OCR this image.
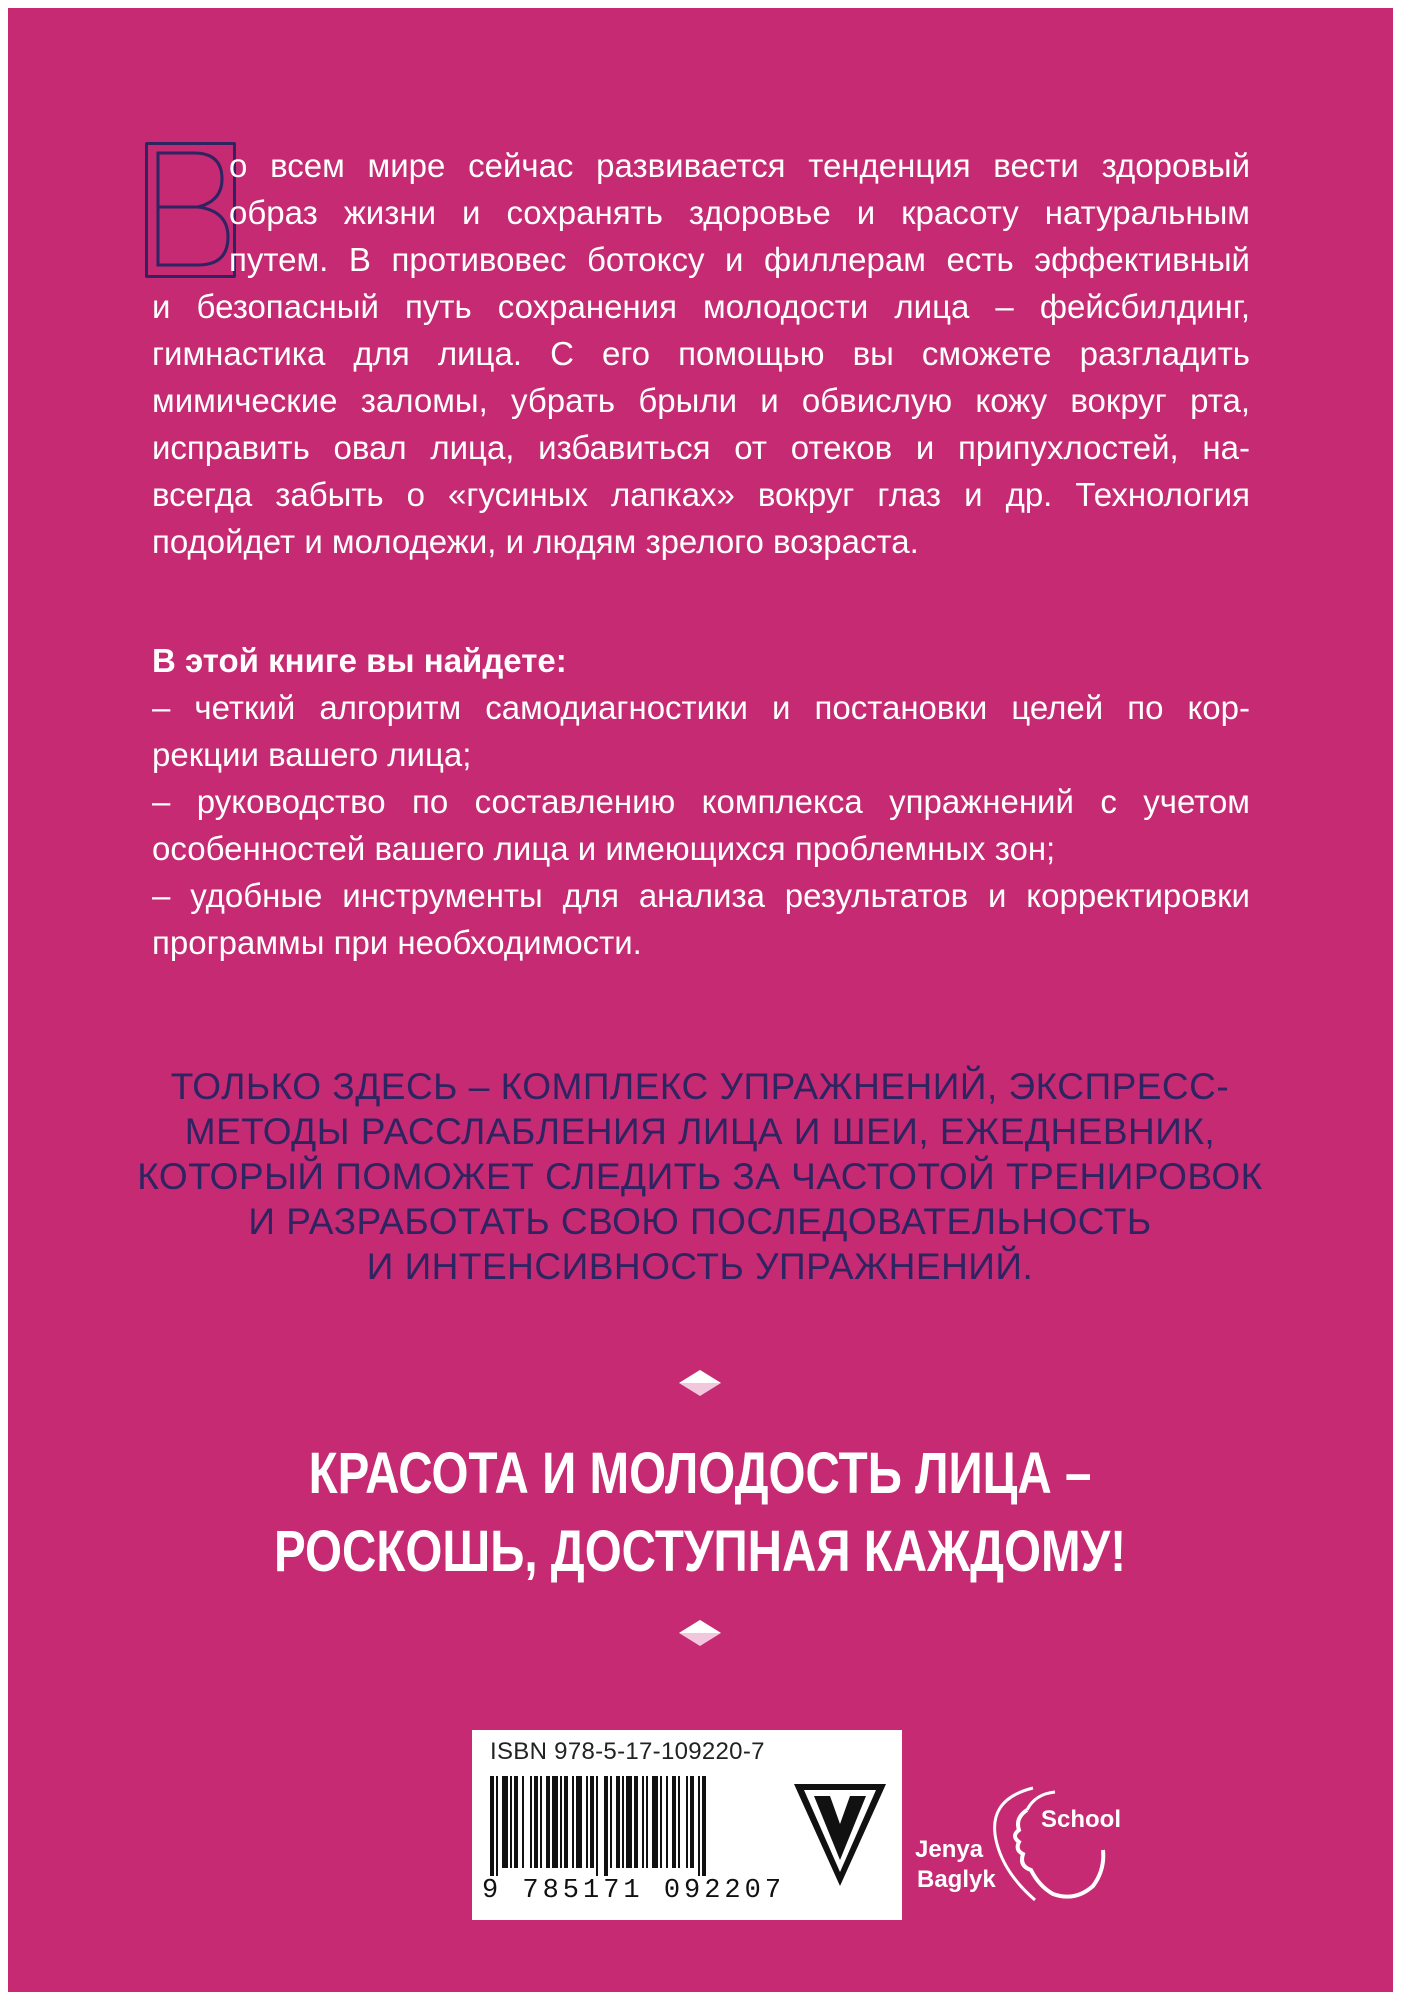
о всем мире сейчас развивается тенденция вести здоровый
образ жизни и сохранять здоровье и красоту натуральным
путем. В противовес ботоксу и филлерам есть эффективный
и безопасный путь сохранения молодости лица – фейсбилдинг,
гимнастика для лица. С его помощью вы сможете разгладить
мимические заломы, убрать брыли и обвислую кожу вокруг рта,
исправить овал лица, избавиться от отеков и припухлостей, на-
всегда забыть о «гусиных лапках» вокруг глаз и др. Технология
подойдет и молодежи, и людям зрелого возраста.
В этой книге вы найдете:
– четкий алгоритм самодиагностики и постановки целей по кор-
рекции вашего лица;
– руководство по составлению комплекса упражнений с учетом
особенностей вашего лица и имеющихся проблемных зон;
– удобные инструменты для анализа результатов и корректировки
программы при необходимости.
ТОЛЬКО ЗДЕСЬ – КОМПЛЕКС УПРАЖНЕНИЙ, ЭКСПРЕСС-
МЕТОДЫ РАССЛАБЛЕНИЯ ЛИЦА И ШЕИ, ЕЖЕДНЕВНИК,
КОТОРЫЙ ПОМОЖЕТ СЛЕДИТЬ ЗА ЧАСТОТОЙ ТРЕНИРОВОК
И РАЗРАБОТАТЬ СВОЮ ПОСЛЕДОВАТЕЛЬНОСТЬ
И ИНТЕНСИВНОСТЬ УПРАЖНЕНИЙ.
КРАСОТА И МОЛОДОСТЬ ЛИЦА –
РОСКОШЬ, ДОСТУПНАЯ КАЖДОМУ!
ISBN 978-5-17-109220-7
9 785171 092207
Jenya
Baglyk
School
